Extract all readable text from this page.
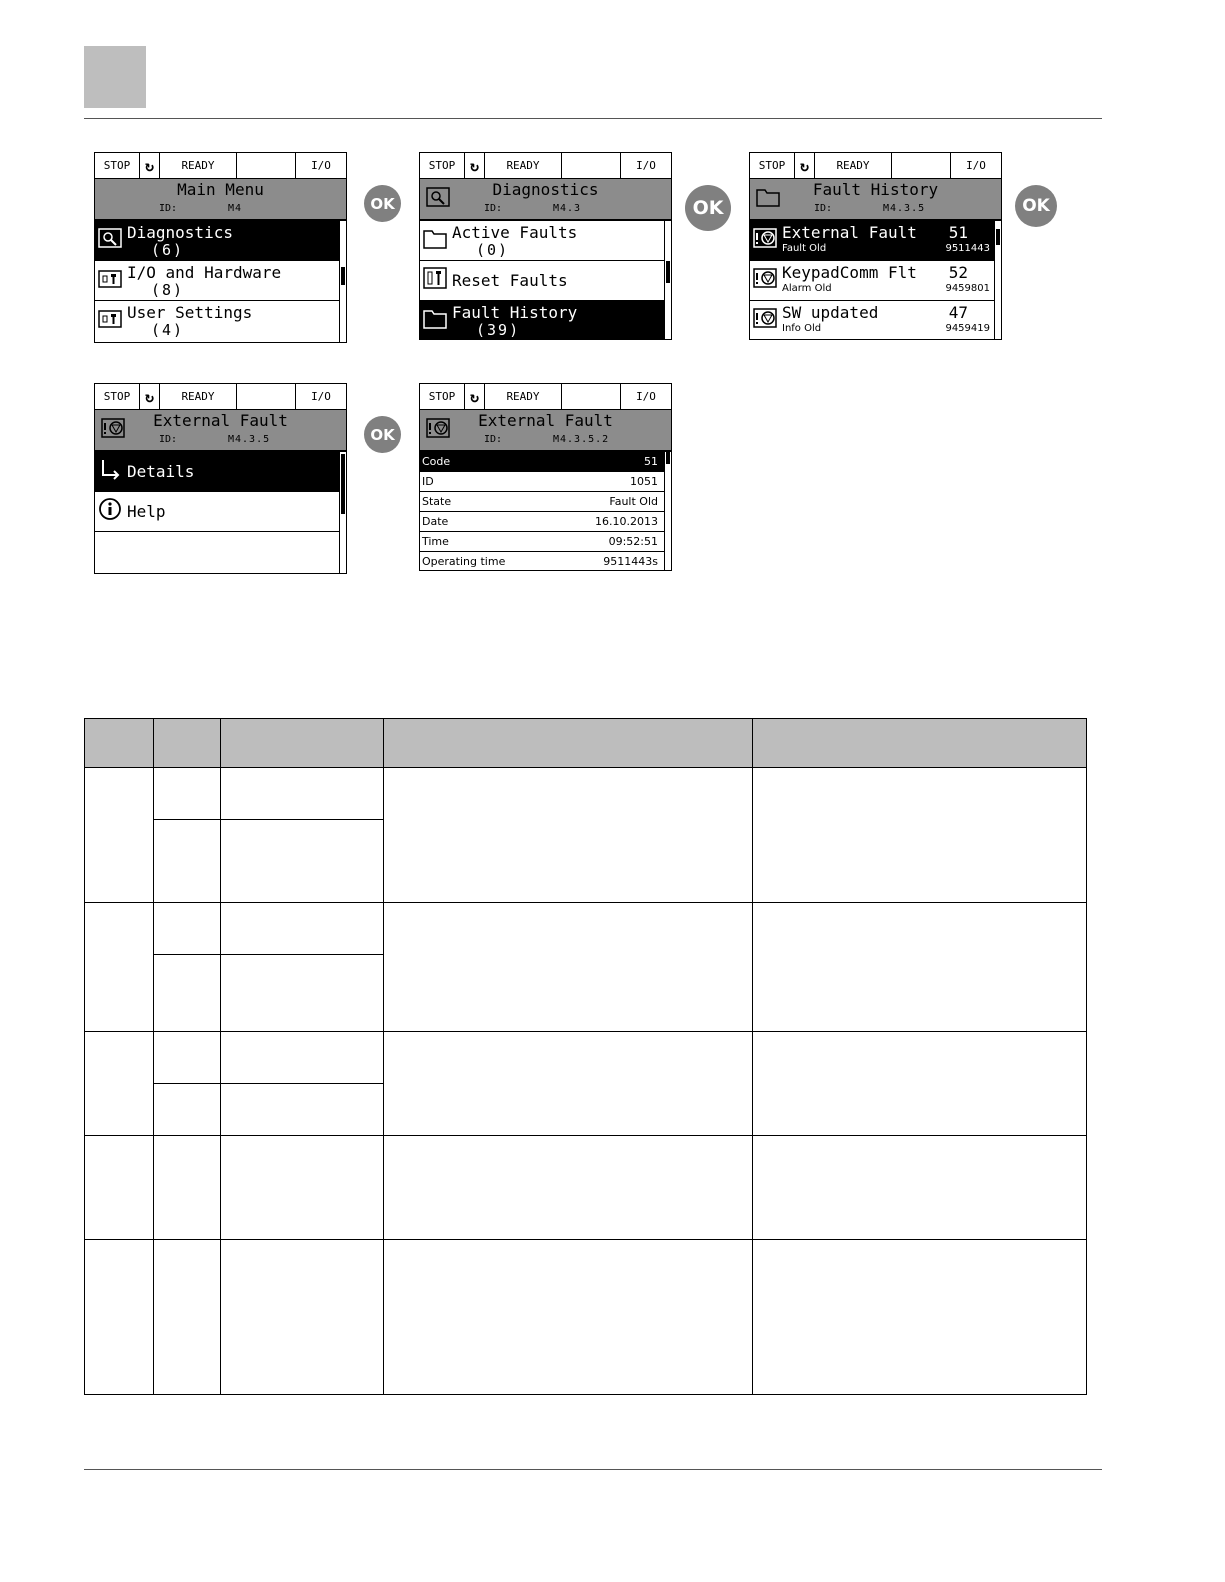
STOP ↻	READY	I/O
Main Menu
ID:	M4
Diagnostics
(6)
I/O and Hardware
(8)
User Settings
(4)
OK
STOP ↻	READY	I/O
Diagnostics
ID:	M4.3
Active Faults
(0)
Reset Faults
Fault History
(39)
OK
STOP ↻	READY	I/O
Fault History
ID:	M4.3.5
External Fault 51
Fault Old	9511443
KeypadComm Flt 52
Alarm Old	9459801
SW updated	47
Info Old	9459419
OK
STOP ↻	READY	I/O
External Fault
ID:	M4.3.5
Details
Help
OK
STOP ↻	READY	I/O
External Fault
ID:	M4.3.5.2
Code	51
ID	1051
State	Fault Old
Date	16.10.2013
Time	09:52:51
Operating time	9511443s
